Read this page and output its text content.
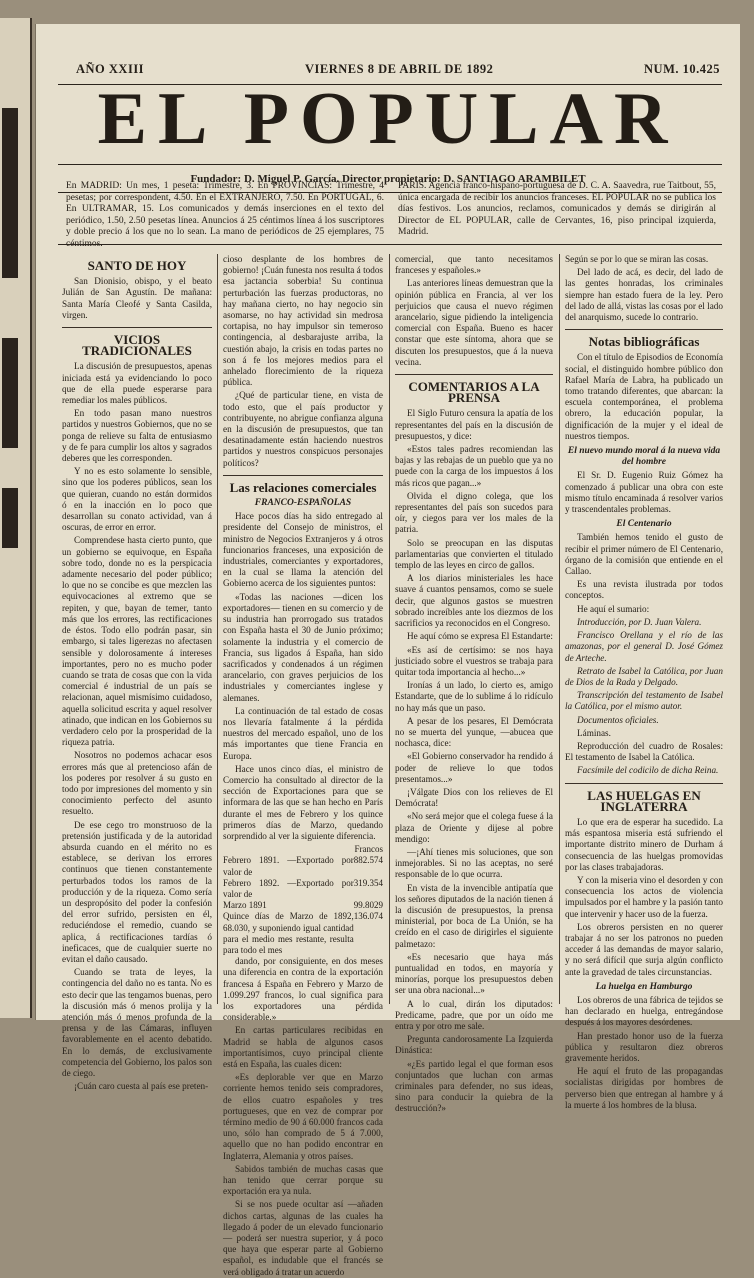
AÑO XXIII	VIERNES 8 DE ABRIL DE 1892	NUM. 10.425
EL POPULAR
Fundador: D. Miguel P. García. Director propietario: D. SANTIAGO ARAMBILET
En MADRID: Un mes, 1 peseta: Trimestre, 3. En PROVINCIAS: Trimestre, 4 pesetas; por correspondent, 4.50. En el EXTRANJERO, 7.50. En PORTUGAL, 6. En ULTRAMAR, 15. Los comunicados y demás inserciones en el texto del periódico, 1.50, 2.50 pesetas línea. Anuncios á 25 céntimos línea á los suscriptores y doble precio á los que no lo sean. La mano de periódicos de 25 ejemplares, 75 céntimos.
PARIS. Agencia franco-hispano-portuguesa de D. C. A. Saavedra, rue Taitbout, 55, única encargada de recibir los anuncios franceses. EL POPULAR no se publica los días festivos. Los anuncios, reclamos, comunicados y demás se dirigirán al Director de EL POPULAR, calle de Cervantes, 16, piso principal izquierda, Madrid.
SANTO DE HOY

San Dionisio, obispo, y el beato Julián de San Agustín. De mañana: Santa María Cleofé y Santa Casilda, virgen.

VICIOS TRADICIONALES

La discusión de presupuestos, apenas iniciada está ya evidenciando lo poco que de ella puede esperarse para remediar los males públicos.

En todo pasan mano nuestros partidos y nuestros Gobiernos, que no se ponga de relieve su falta de entusiasmo y de fe para cumplir los altos y sagrados deberes que les corresponden.

Y no es esto solamente lo sensible, sino que los poderes públicos, sean los que quieran, cuando no están dormidos ó en la inacción en lo poco que desarrollan su conato actividad, van á oscuras, de error en error.

Comprendese hasta cierto punto, que un gobierno se equivoque, en España sobre todo, donde no es la perspicacia adamente necesario del poder público; lo que no se concibe es que mezclen las equivocaciones al extremo que se repiten, y que, bayan de temer, tanto más que los errores, las rectificaciones de éstos. Todo ello podrán pasar, sin embargo, si tales ligerezas no afectasen sensible y dolorosamente á intereses importantes, pero no es mucho poder cuando se trata de cosas que con la vida comercial é industrial de un país se relacionan, aquel mismísimo cuidadoso, aquella solicitud escrita y aquel resolver atinado, que indican en los Gobiernos su verdadero celo por la prosperidad de la riqueza patria.

Nosotros no podemos achacar esos errores más que al pretencioso afán de los poderes por resolver á su gusto en todo por impresiones del momento y sin conocimiento perfecto del asunto resuelto.

De ese cego tro monstruoso de la pretensión justificada y de la autoridad absurda cuando en el mérito no es establece, se derivan los errores continuos que tienen constantemente perturbados todos los ramos de la producción y de la riqueza. Como sería un despropósito del poder la confesión del error sufrido, persisten en él, reduciéndose el remedio, cuando se aplica, á rectificaciones tardías ó ineficaces, que de cualquier suerte no evitan el daño causado.

Cuando se trata de leyes, la contingencia del daño no es tanta. No es esto decir que las tengamos buenas, pero la discusión más ó menos prolija y la atención más ó menos profunda de la prensa y de las Cámaras, influyen favorablemente en el acento debatido. En lo demás, de exclusivamente competencia del Gobierno, los palos son de ciego.

¡Cuán caro cuesta al país ese preten-

cioso desplante de los hombres de gobierno! ¡Cuán funesta nos resulta á todos esa jactancia soberbia! Su continua perturbación las fuerzas productoras, no hay mañana cierto, no hay negocio sin asomarse, no hay actividad sin medrosa cortapisa, no hay impulsor sin temeroso contingencia, al desbarajuste arriba, la cuestión abajo, la crisis en todas partes no son á fe los mejores medios para el anhelado florecimiento de la riqueza pública.

¿Qué de particular tiene, en vista de todo esto, que el país productor y contribuyente, no abrigue confianza alguna en la discusión de presupuestos, que tan desatinadamente están haciendo nuestros partidos y nuestros conspicuos personajes políticos?

Las relaciones comerciales
FRANCO-ESPAÑOLAS

Hace pocos días ha sido entregado al presidente del Consejo de ministros, el ministro de Negocios Extranjeros y á otros funcionarios franceses, una exposición de industriales, comerciantes y exportadores, en la cual se llama la atención del Gobierno acerca de los siguientes puntos:

«Todas las naciones —dicen los exportadores— tienen en su comercio y de su industria han prorrogado sus tratados con España hasta el 30 de Junio próximo; solamente la industria y el comercio de Francia, sus ligados á España, han sido sacrificados y condenados á un régimen arancelario, con graves perjuicios de los industriales y comerciantes inglese y alemanes.

La continuación de tal estado de cosas nos llevaría fatalmente á la pérdida nuestros del mercado español, uno de los más importantes que tiene Francia en Europa.

Hace unos cinco días, el ministro de Comercio ha consultado al director de la sección de Exportaciones para que se informara de las que se han hecho en París durante el mes de Febrero y los quince primeros días de Marzo, quedando sorprendido al ver la siguiente diferencia.

Francos
Febrero 1891. —Exportado por valor de	882.574
Febrero 1892. —Exportado por valor de	319.354
Marzo 1891	99.8029
Quince días de Marzo de 1892, 68.030, y suponiendo igual cantidad para el medio mes restante, resulta para todo el mes	136.074

dando, por consiguiente, en dos meses una diferencia en contra de la exportación francesa á España en Febrero y Marzo de 1.099.297 francos, lo cual significa para los exportadores una pérdida considerable.»

En cartas particulares recibidas en Madrid se habla de algunos casos importantísimos, cuyo principal cliente está en España, las cuales dicen:

«Es deplorable ver que en Marzo corriente hemos tenido seis compradores, de ellos cuatro españoles y tres portugueses, que en vez de comprar por término medio de 90 á 60.000 francos cada uno, sólo han comprado de 5 á 7.000, aquello que no han podido encontrar en Inglaterra, Alemania y otros países.

Sabidos también de muchas casas que han tenido que cerrar porque su exportación era ya nula.

Si se nos puede ocultar así —añaden dichos cartas, algunas de las cuales ha llegado á poder de un elevado funcionario— poderá ser nuestra superior, y á poco que haya que esperar parte al Gobierno español, es indudable que el francés se verá obligado á tratar un acuerdo

comercial, que tanto necesitamos franceses y españoles.»

Las anteriores líneas demuestran que la opinión pública en Francia, al ver los perjuicios que causa el nuevo régimen arancelario, sigue pidiendo la inteligencia comercial con España. Bueno es hacer constar que este síntoma, ahora que se discuten los presupuestos, que á la nueva vecina.

COMENTARIOS A LA PRENSA

El Siglo Futuro censura la apatía de los representantes del país en la discusión de presupuestos, y dice:

«Estos tales padres recomiendan las bajas y las rebajas de un pueblo que ya no puede con la carga de los impuestos á los más ricos que pagan...»

Olvida el digno colega, que los representantes del país son sucedos para oír, y ciegos para ver los males de la patria.

Solo se preocupan en las disputas parlamentarias que convierten el titulado templo de las leyes en circo de gallos.

A los diarios ministeriales les hace suave á cuantos pensamos, como se suele decir, que algunos gastos se muestren sobrado increíbles ante los diezmos de los sacrificios ya reconocidos en el Congreso.

He aquí cómo se expresa El Estandarte:

«Es así de certísimo: se nos haya justiciado sobre el vuestros se trabaja para quitar toda importancia al hecho...»

Ironías á un lado, lo cierto es, amigo Estandarte, que de lo sublime á lo ridículo no hay más que un paso.

A pesar de los pesares, El Demócrata no se muerta del yunque, —abucea que nochasca, dice:

«El Gobierno conservador ha rendido á poder de relieve lo que todos presentamos...»

¡Válgate Dios con los relieves de El Demócrata!

«No será mejor que el colega fuese á la plaza de Oriente y dijese al pobre mendigo:

—¡Ahí tienes mis soluciones, que son inmejorables. Si no las aceptas, no seré responsable de lo que ocurra.

En vista de la invencible antipatía que los señores diputados de la nación tienen á la discusión de presupuestos, la prensa ministerial, por boca de La Unión, se ha creído en el caso de dirigirles el siguiente palmetazo:

«Es necesario que haya más puntualidad en todos, en mayoría y minorías, porque los presupuestos deben ser una obra nacional...»

A lo cual, dirán los diputados: Predicame, padre, que por un oído me entra y por otro me sale.

Pregunta candorosamente La Izquierda Dinástica:

«¿Es partido legal el que forman esos conjuntados que luchan con armas criminales para defender, no sus ideas, sino para conducir la quiebra de la destrucción?»

Según se por lo que se miran las cosas.

Del lado de acá, es decir, del lado de las gentes honradas, los criminales siempre han estado fuera de la ley. Pero del lado de allá, vistas las cosas por el lado del anarquismo, sucede lo contrario.

Notas bibliográficas

Con el título de Episodios de Economía social, el distinguido hombre público don Rafael María de Labra, ha publicado un tomo tratando diferentes, que abarcan: la escuela contemporánea, el problema obrero, la educación popular, la dignificación de la mujer y el ideal de nuestros tiempos.

El nuevo mundo moral á la nueva vida del hombre

El Sr. D. Eugenio Ruiz Gómez ha comenzado á publicar una obra con este mismo título encaminada á resolver varios y trascendentales problemas.

El Centenario

También hemos tenido el gusto de recibir el primer número de El Centenario, órgano de la comisión que entiende en el Callao.

Es una revista ilustrada por todos conceptos.

He aquí el sumario:

Introducción, por D. Juan Valera.

Francisco Orellana y el río de las amazonas, por el general D. José Gómez de Arteche.

Retrato de Isabel la Católica, por Juan de Dios de la Rada y Delgado.

Transcripción del testamento de Isabel la Católica, por el mismo autor.

Documentos oficiales.

Láminas.

Reproducción del cuadro de Rosales: El testamento de Isabel la Católica.

Facsímile del codicilo de dicha Reina.

LAS HUELGAS EN INGLATERRA

Lo que era de esperar ha sucedido. La más espantosa miseria está sufriendo el importante distrito minero de Durham á consecuencia de las huelgas promovidas por las clases trabajadoras.

Y con la miseria vino el desorden y con consecuencia los actos de violencia impulsados por el hambre y la pasión tanto que intervenir y hacer uso de la fuerza.

Los obreros persisten en no querer trabajar á no ser los patronos no pueden acceder á las demandas de mayor salario, y no será difícil que surja algún conflicto ante la gravedad de tales circunstancias.

La huelga en Hamburgo

Los obreros de una fábrica de tejidos se han declarado en huelga, entregándose después á los mayores desórdenes.

Han prestado honor uso de la fuerza pública y resultaron diez obreros gravemente heridos.

He aquí el fruto de las propagandas socialistas dirigidas por hombres de perverso bien que entregan al hambre y á la muerte á los hombres de la blusa.
